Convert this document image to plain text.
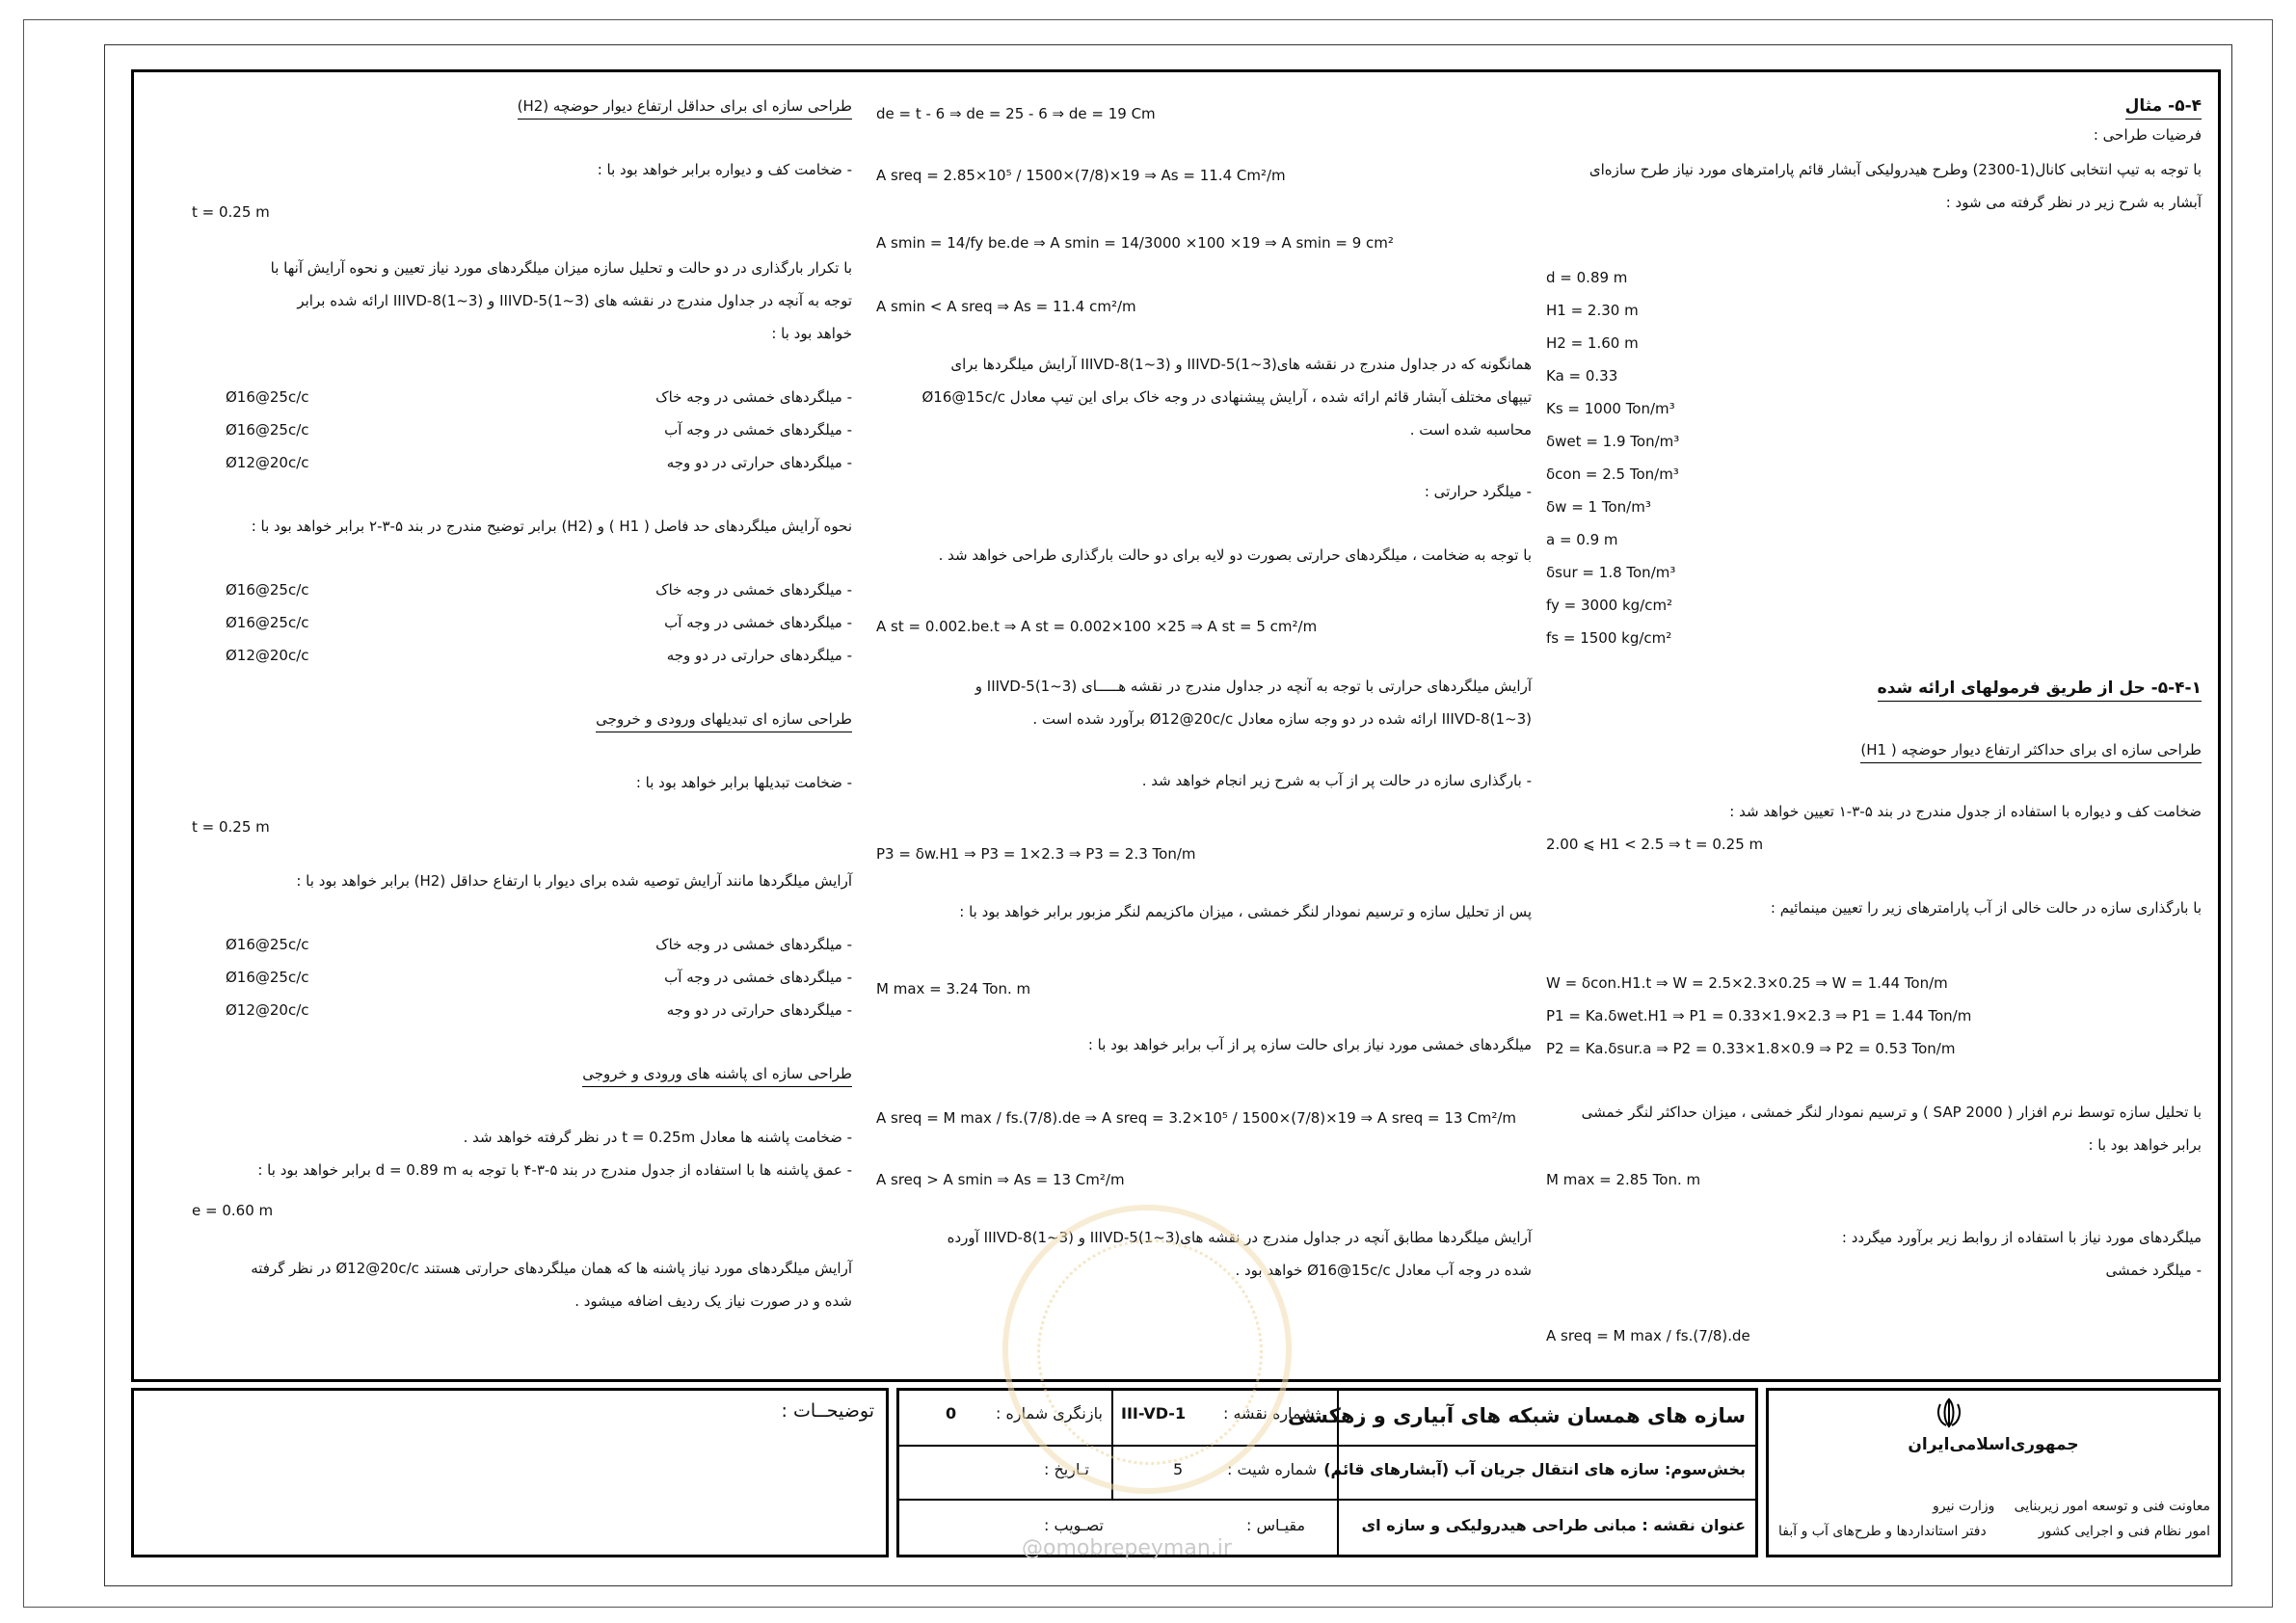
۵-۴- مثال
فرضیات طراحی :
با توجه به تیپ انتخابی کانال(1-2300) وطرح هیدرولیکی آبشار قائم پارامترهای مورد نیاز طرح سازه‌ای
آبشار به شرح زیر در نظر گرفته می شود :
d = 0.89 m
H1 = 2.30 m
H2 = 1.60 m
Ka = 0.33
Ks = 1000 Ton/m³
δwet = 1.9 Ton/m³
δcon = 2.5 Ton/m³
δw = 1 Ton/m³
a = 0.9 m
δsur = 1.8 Ton/m³
fy = 3000 kg/cm²
fs = 1500 kg/cm²
۵-۴-۱- حل از طریق فرمولهای ارائه شده
طراحی سازه ای برای حداکثر ارتفاع دیوار حوضچه ( H1)
ضخامت کف و دیواره با استفاده از جدول مندرج در بند ۵-۳-۱ تعیین خواهد شد :
2.00 ⩽ H1 < 2.5 ⇒ t = 0.25 m
با بارگذاری سازه در حالت خالی از آب پارامترهای زیر را تعیین مینمائیم :
W = δcon.H1.t ⇒ W = 2.5×2.3×0.25 ⇒ W = 1.44 Ton/m
P1 = Ka.δwet.H1 ⇒ P1 = 0.33×1.9×2.3 ⇒ P1 = 1.44 Ton/m
P2 = Ka.δsur.a ⇒ P2 = 0.33×1.8×0.9 ⇒ P2 = 0.53 Ton/m
با تحلیل سازه توسط نرم افزار ( SAP 2000 ) و ترسیم نمودار لنگر خمشی ، میزان حداکثر لنگر خمشی
برابر خواهد بود با :
M max = 2.85 Ton. m
میلگردهای مورد نیاز با استفاده از روابط زیر برآورد میگردد :
- میلگرد خمشی
A sreq = M max / fs.(7/8).de
de = t - 6 ⇒ de = 25 - 6 ⇒ de = 19 Cm
A sreq = 2.85×10⁵ / 1500×(7/8)×19 ⇒ As = 11.4 Cm²/m
A smin = 14/fy be.de ⇒ A smin = 14/3000 ×100 ×19 ⇒ A smin = 9 cm²
A smin < A sreq ⇒ As = 11.4 cm²/m
همانگونه که در جداول مندرج در نقشه های(3~1)IIIVD-5 و (3~1)IIIVD-8 آرایش میلگردها برای
تیپهای مختلف آبشار قائم ارائه شده ، آرایش پیشنهادی در وجه خاک برای این تیپ معادل Ø16@15c/c
محاسبه شده است .
- میلگرد حرارتی :
با توجه به ضخامت ، میلگردهای حرارتی بصورت دو لایه برای دو حالت بارگذاری طراحی خواهد شد .
A st = 0.002.be.t ⇒ A st = 0.002×100 ×25 ⇒ A st = 5 cm²/m
آرایش میلگردهای حرارتی با توجه به آنچه در جداول مندرج در نقشه هـــــای (3~1)IIIVD-5 و
(3~1)IIIVD-8 ارائه شده در دو وجه سازه معادل Ø12@20c/c برآورد شده است .
- بارگذاری سازه در حالت پر از آب به شرح زیر انجام خواهد شد .
P3 = δw.H1 ⇒ P3 = 1×2.3 ⇒ P3 = 2.3 Ton/m
پس از تحلیل سازه و ترسیم نمودار لنگر خمشی ، میزان ماکزیمم لنگر مزبور برابر خواهد بود با :
M max = 3.24 Ton. m
میلگردهای خمشی مورد نیاز برای حالت سازه پر از آب برابر خواهد بود با :
A sreq = M max / fs.(7/8).de ⇒ A sreq = 3.2×10⁵ / 1500×(7/8)×19 ⇒ A sreq = 13 Cm²/m
A sreq > A smin ⇒ As = 13 Cm²/m
آرایش میلگردها مطابق آنچه در جداول مندرج در نقشه های(3~1)IIIVD-5 و (3~1)IIIVD-8 آورده
شده در وجه آب معادل Ø16@15c/c خواهد بود .
طراحی سازه ای برای حداقل ارتفاع دیوار حوضچه (H2)
- ضخامت کف و دیواره برابر خواهد بود با :
t = 0.25 m
با تکرار بارگذاری در دو حالت و تحلیل سازه میزان میلگردهای مورد نیاز تعیین و نحوه آرایش آنها با
توجه به آنچه در جداول مندرج در نقشه های (3~1)IIIVD-5 و (3~1)IIIVD-8 ارائه شده برابر
خواهد بود با :
- میلگردهای خمشی در وجه خاک
Ø16@25c/c
- میلگردهای خمشی در وجه آب
Ø16@25c/c
- میلگردهای حرارتی در دو وجه
Ø12@20c/c
نحوه آرایش میلگردهای حد فاصل ( H1 ) و (H2) برابر توضیح مندرج در بند ۵-۳-۲ برابر خواهد بود با :
- میلگردهای خمشی در وجه خاک
Ø16@25c/c
- میلگردهای خمشی در وجه آب
Ø16@25c/c
- میلگردهای حرارتی در دو وجه
Ø12@20c/c
طراحی سازه ای تبدیلهای ورودی و خروجی
- ضخامت تبدیلها برابر خواهد بود با :
t = 0.25 m
آرایش میلگردها مانند آرایش توصیه شده برای دیوار با ارتفاع حداقل (H2) برابر خواهد بود با :
- میلگردهای خمشی در وجه خاک
Ø16@25c/c
- میلگردهای خمشی در وجه آب
Ø16@25c/c
- میلگردهای حرارتی در دو وجه
Ø12@20c/c
طراحی سازه ای پاشنه های ورودی و خروجی
- ضخامت پاشنه ها معادل t = 0.25m در نظر گرفته خواهد شد .
- عمق پاشنه ها با استفاده از جدول مندرج در بند ۵-۳-۴ با توجه به d = 0.89 m برابر خواهد بود با :
e = 0.60 m
آرایش میلگردهای مورد نیاز پاشنه ها که همان میلگردهای حرارتی هستند Ø12@20c/c در نظر گرفته
شده و در صورت نیاز یک ردیف اضافه میشود .
جمهوری‌اسلامی‌ایران
معاونت فنی و توسعه امور زیربنایی
وزارت نیرو
امور نظام فنی و اجرایی کشور
دفتر استانداردها و طرح‌های آب و آبفا
سازه های همسان شبکه های آبیاری و زهکشی
بخش‌سوم: سازه های انتقال جریان آب (آبشارهای قائم)
عنوان نقشه : مبانی طراحی هیدرولیکی و سازه ای
شماره نقشه :
III-VD-1
بازنگری شماره :
0
شماره شیت :
5
تـاریخ :
مقیـاس :
تصـویب :
توضیحــات :
@omobrepeyman.ir
